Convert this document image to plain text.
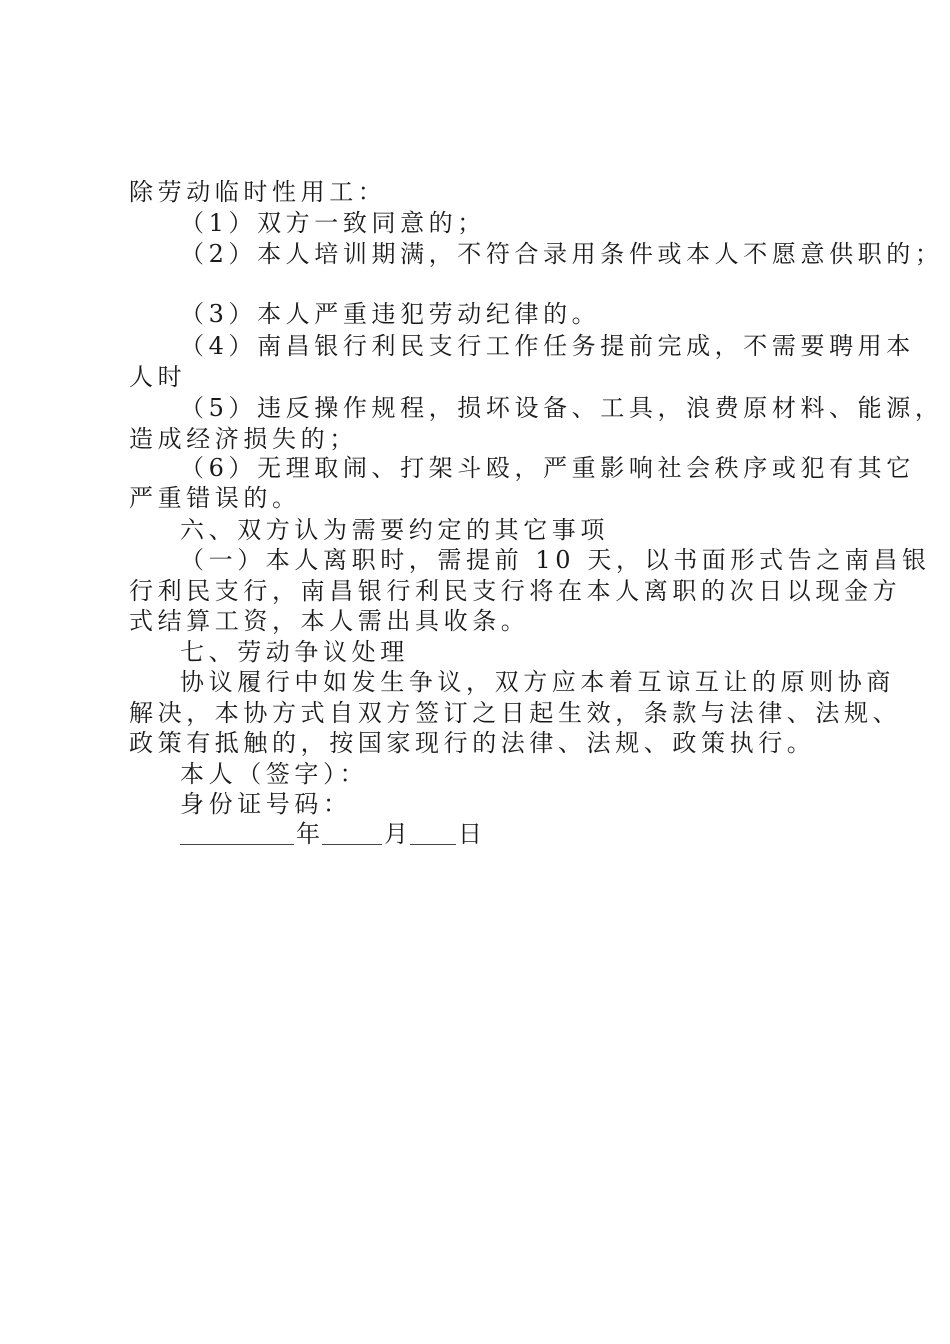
除劳动临时性用工：
（1）双方一致同意的；
（2）本人培训期满，不符合录用条件或本人不愿意供职的；
（3）本人严重违犯劳动纪律的。
（4）南昌银行利民支行工作任务提前完成，不需要聘用本
人时
（5）违反操作规程，损坏设备、工具，浪费原材料、能源，
造成经济损失的；
（6）无理取闹、打架斗殴，严重影响社会秩序或犯有其它
严重错误的。
六、双方认为需要约定的其它事项
（一）本人离职时，需提前 10 天，以书面形式告之南昌银
行利民支行，南昌银行利民支行将在本人离职的次日以现金方
式结算工资，本人需出具收条。
七、劳动争议处理
协议履行中如发生争议，双方应本着互谅互让的原则协商
解决，本协方式自双方签订之日起生效，条款与法律、法规、
政策有抵触的，按国家现行的法律、法规、政策执行。
本人（签字）：
身份证号码：
年	月 日
